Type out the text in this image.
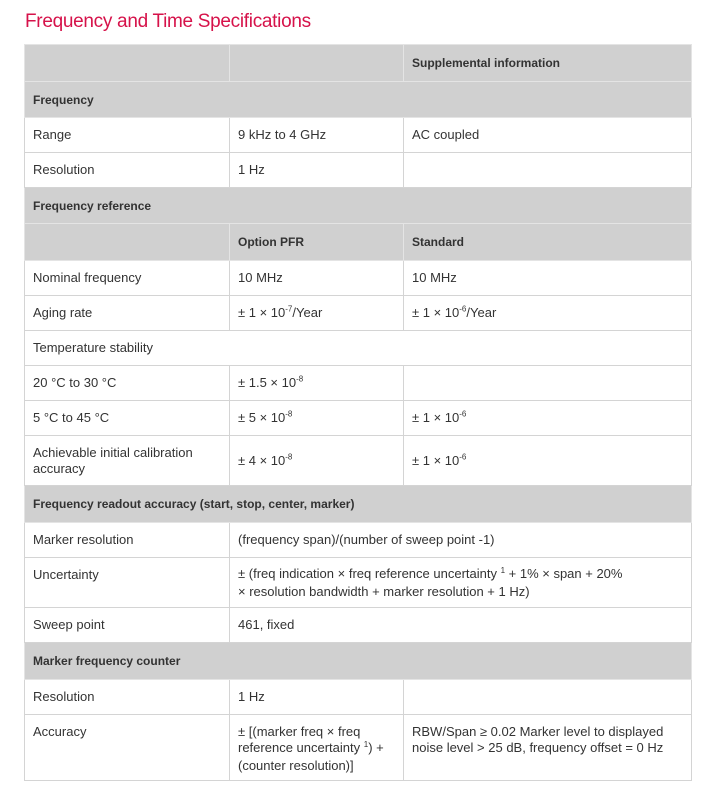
Frequency and Time Specifications
		Supplemental information
Frequency		
Range	9 kHz to 4 GHz	AC coupled
Resolution	1 Hz	
Frequency reference		
	Option PFR	Standard
Nominal frequency	10 MHz	10 MHz
Aging rate	± $1 \times 10^{-7}$/Year	± $1 \times 10^{-6}$/Year
Temperature stability		
20 °C to 30 °C	± $1.5 \times 10^{-8}$	
5 °C to 45 °C	± $5 \times 10^{-8}$	± $1 \times 10^{-6}$
Achievable initial calibration accuracy	± $4 \times 10^{-8}$	± $1 \times 10^{-6}$
Frequency readout accuracy (start, stop, center, marker)		
Marker resolution	(frequency span)/(number of sweep point -1)	
Uncertainty	± (freq indication × freq reference uncertainty $^1$ + 1% × span + 20% × resolution bandwidth + marker resolution + 1 Hz)	
Sweep point	461, fixed	
Marker frequency counter		
Resolution	1 Hz	
Accuracy	± [(marker freq × freq reference uncertainty $^1$) + (counter resolution)]	RBW/Span ≥ 0.02 Marker level to displayed noise level > 25 dB, frequency offset = 0 Hz
